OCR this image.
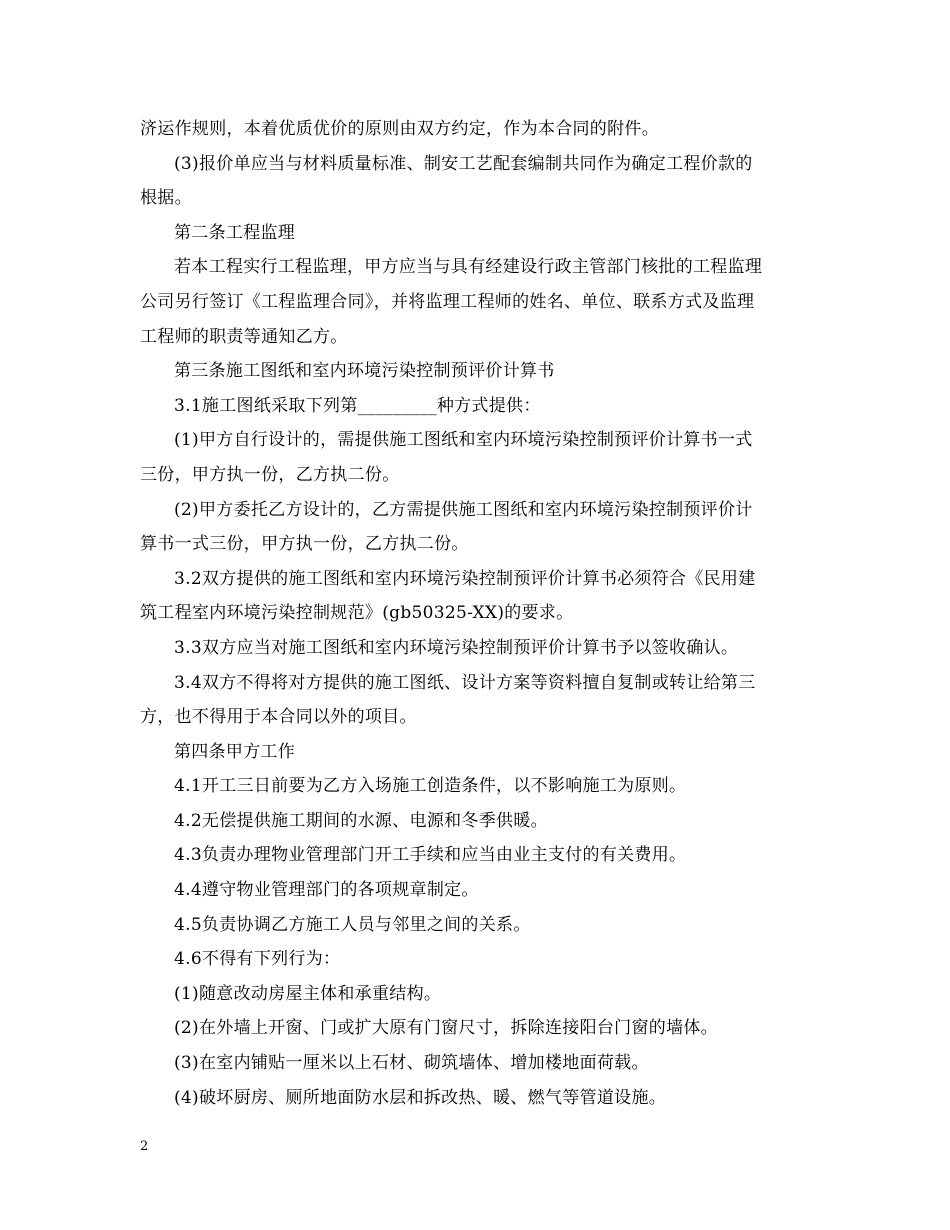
济运作规则，本着优质优价的原则由双方约定，作为本合同的附件。
(3)报价单应当与材料质量标准、制安工艺配套编制共同作为确定工程价款的
根据。
第二条工程监理
若本工程实行工程监理，甲方应当与具有经建设行政主管部门核批的工程监理
公司另行签订《工程监理合同》，并将监理工程师的姓名、单位、联系方式及监理
工程师的职责等通知乙方。
第三条施工图纸和室内环境污染控制预评价计算书
3.1施工图纸采取下列第_________种方式提供：
(1)甲方自行设计的，需提供施工图纸和室内环境污染控制预评价计算书一式
三份，甲方执一份，乙方执二份。
(2)甲方委托乙方设计的，乙方需提供施工图纸和室内环境污染控制预评价计
算书一式三份，甲方执一份，乙方执二份。
3.2双方提供的施工图纸和室内环境污染控制预评价计算书必须符合《民用建
筑工程室内环境污染控制规范》(gb50325-XX)的要求。
3.3双方应当对施工图纸和室内环境污染控制预评价计算书予以签收确认。
3.4双方不得将对方提供的施工图纸、设计方案等资料擅自复制或转让给第三
方，也不得用于本合同以外的项目。
第四条甲方工作
4.1开工三日前要为乙方入场施工创造条件，以不影响施工为原则。
4.2无偿提供施工期间的水源、电源和冬季供暖。
4.3负责办理物业管理部门开工手续和应当由业主支付的有关费用。
4.4遵守物业管理部门的各项规章制定。
4.5负责协调乙方施工人员与邻里之间的关系。
4.6不得有下列行为：
(1)随意改动房屋主体和承重结构。
(2)在外墙上开窗、门或扩大原有门窗尺寸，拆除连接阳台门窗的墙体。
(3)在室内铺贴一厘米以上石材、砌筑墙体、增加楼地面荷载。
(4)破坏厨房、厕所地面防水层和拆改热、暖、燃气等管道设施。
2
